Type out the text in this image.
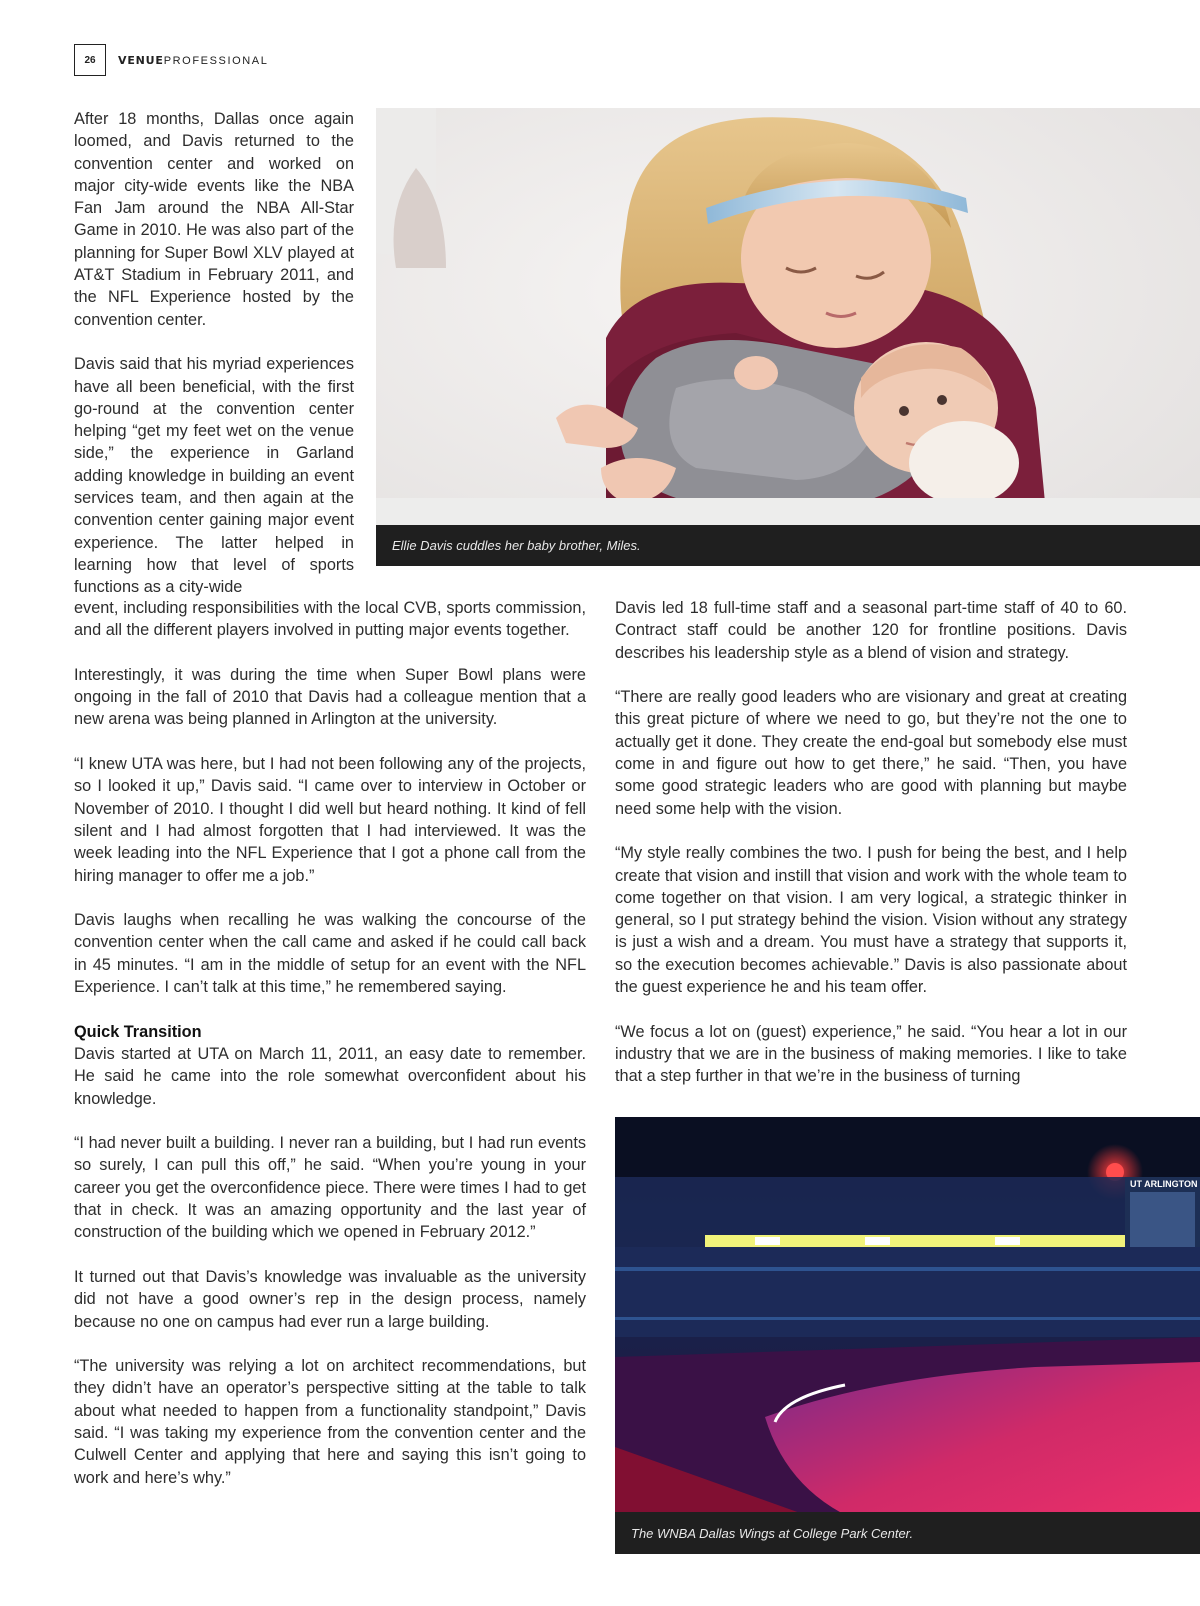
26	VENUEPROFESSIONAL
Ellie Davis cuddles her baby brother, Miles.

After 18 months, Dallas once again loomed, and Davis returned to the convention center and worked on major city-wide events like the NBA Fan Jam around the NBA All-Star Game in 2010. He was also part of the planning for Super Bowl XLV played at AT&T Stadium in February 2011, and the NFL Experience hosted by the convention center.

Davis said that his myriad experiences have all been beneficial, with the first go-round at the convention center helping “get my feet wet on the venue side,” the experience in Garland adding knowledge in building an event services team, and then again at the convention center gaining major event experience. The latter helped in learning how that level of sports functions as a city-wide

event, including responsibilities with the local CVB, sports commission, and all the different players involved in putting major events together.

Interestingly, it was during the time when Super Bowl plans were ongoing in the fall of 2010 that Davis had a colleague mention that a new arena was being planned in Arlington at the university.

“I knew UTA was here, but I had not been following any of the projects, so I looked it up,” Davis said. “I came over to interview in October or November of 2010. I thought I did well but heard nothing. It kind of fell silent and I had almost forgotten that I had interviewed. It was the week leading into the NFL Experience that I got a phone call from the hiring manager to offer me a job.”

Davis laughs when recalling he was walking the concourse of the convention center when the call came and asked if he could call back in 45 minutes. “I am in the middle of setup for an event with the NFL Experience. I can’t talk at this time,” he remembered saying.

Quick Transition
Davis started at UTA on March 11, 2011, an easy date to remember. He said he came into the role somewhat overconfident about his knowledge.

“I had never built a building. I never ran a building, but I had run events so surely, I can pull this off,” he said. “When you’re young in your career you get the overconfidence piece. There were times I had to get that in check. It was an amazing opportunity and the last year of construction of the building which we opened in February 2012.”

It turned out that Davis’s knowledge was invaluable as the university did not have a good owner’s rep in the design process, namely because no one on campus had ever run a large building.

“The university was relying a lot on architect recommendations, but they didn’t have an operator’s perspective sitting at the table to talk about what needed to happen from a functionality standpoint,” Davis said. “I was taking my experience from the convention center and the Culwell Center and applying that here and saying this isn’t going to work and here’s why.”

Davis led 18 full-time staff and a seasonal part-time staff of 40 to 60. Contract staff could be another 120 for frontline positions. Davis describes his leadership style as a blend of vision and strategy.

“There are really good leaders who are visionary and great at creating this great picture of where we need to go, but they’re not the one to actually get it done. They create the end-goal but somebody else must come in and figure out how to get there,” he said. “Then, you have some good strategic leaders who are good with planning but maybe need some help with the vision.

“My style really combines the two. I push for being the best, and I help create that vision and instill that vision and work with the whole team to come together on that vision. I am very logical, a strategic thinker in general, so I put strategy behind the vision. Vision without any strategy is just a wish and a dream. You must have a strategy that supports it, so the execution becomes achievable.” Davis is also passionate about the guest experience he and his team offer.

“We focus a lot on (guest) experience,” he said. “You hear a lot in our industry that we are in the business of making memories. I like to take that a step further in that we’re in the business of turning

UT ARLINGTON
The WNBA Dallas Wings at College Park Center.
